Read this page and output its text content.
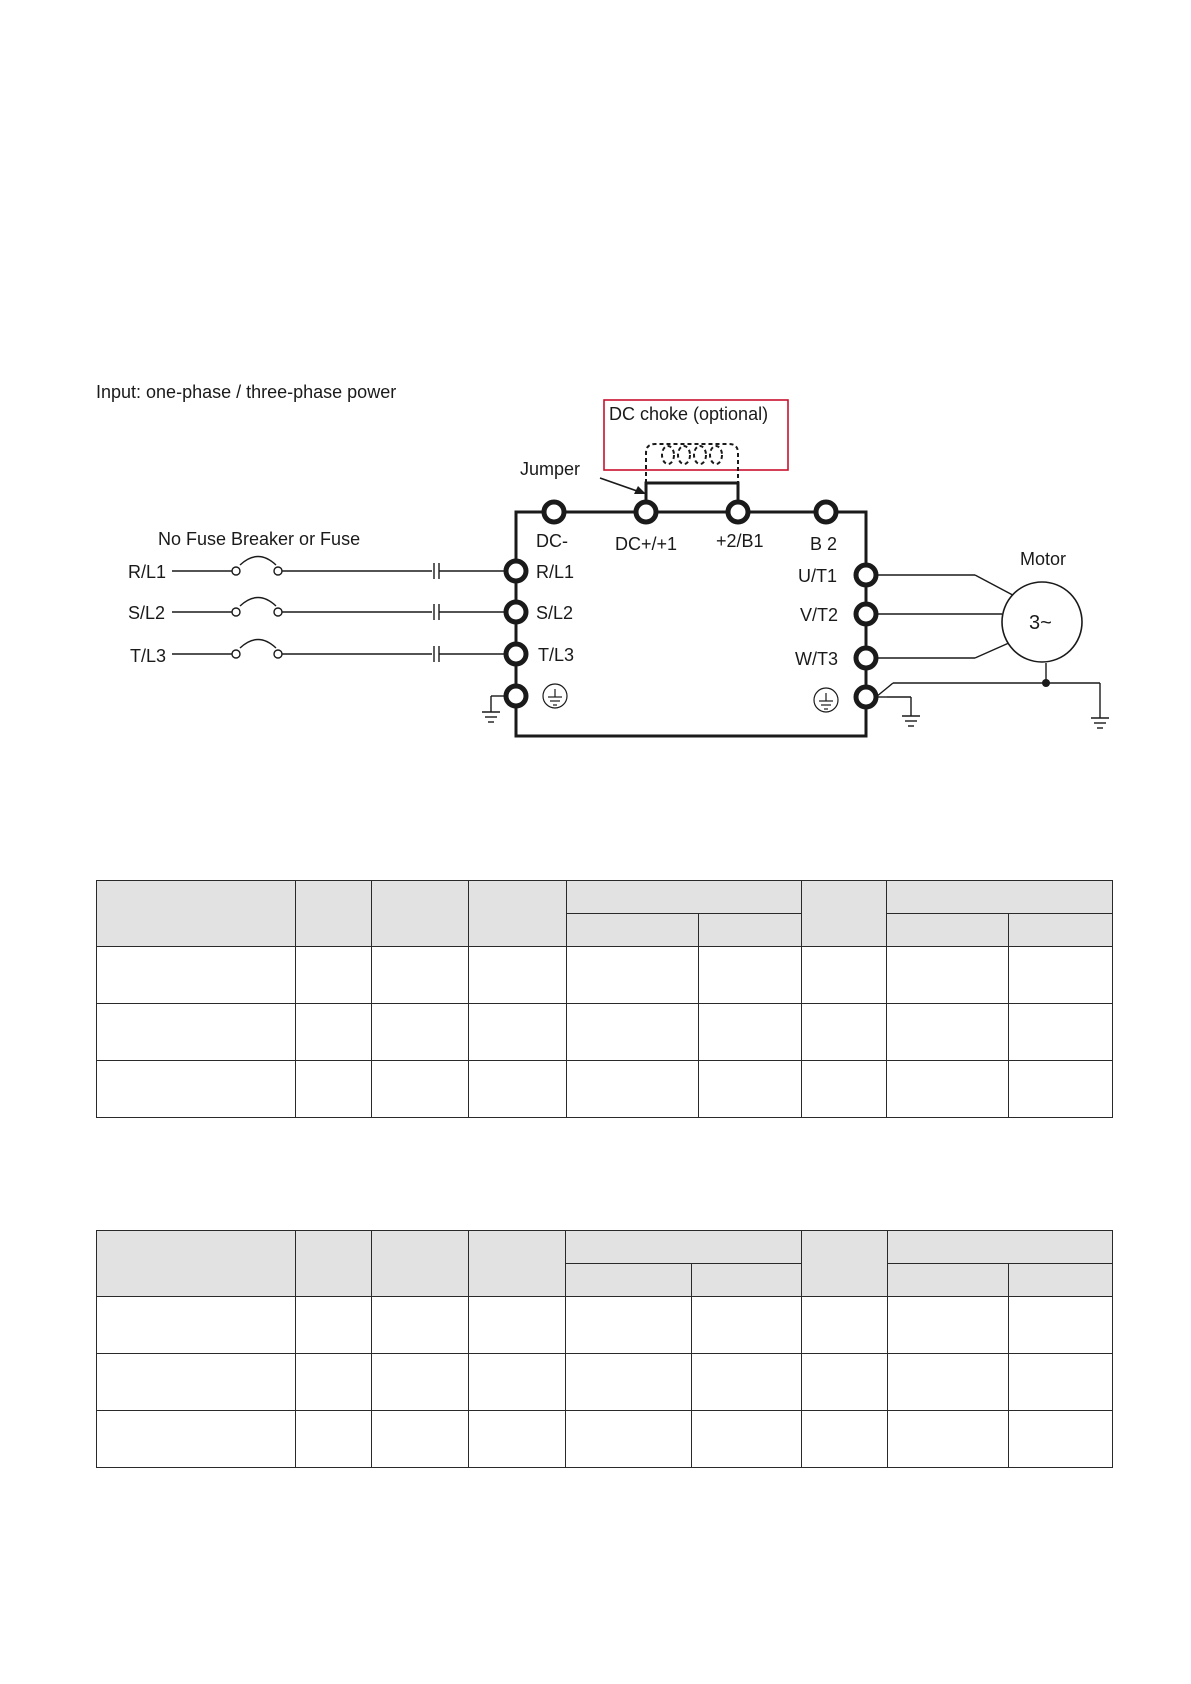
Input: one-phase / three-phase power
DC choke (optional)
Jumper
DC-	DC+/+1 +2/B1	B 2
No Fuse Breaker or Fuse
R/L1
S/L2
T/L3
R/L1
S/L2
T/L3
U/T1
V/T2
W/T3
Motor
3~
